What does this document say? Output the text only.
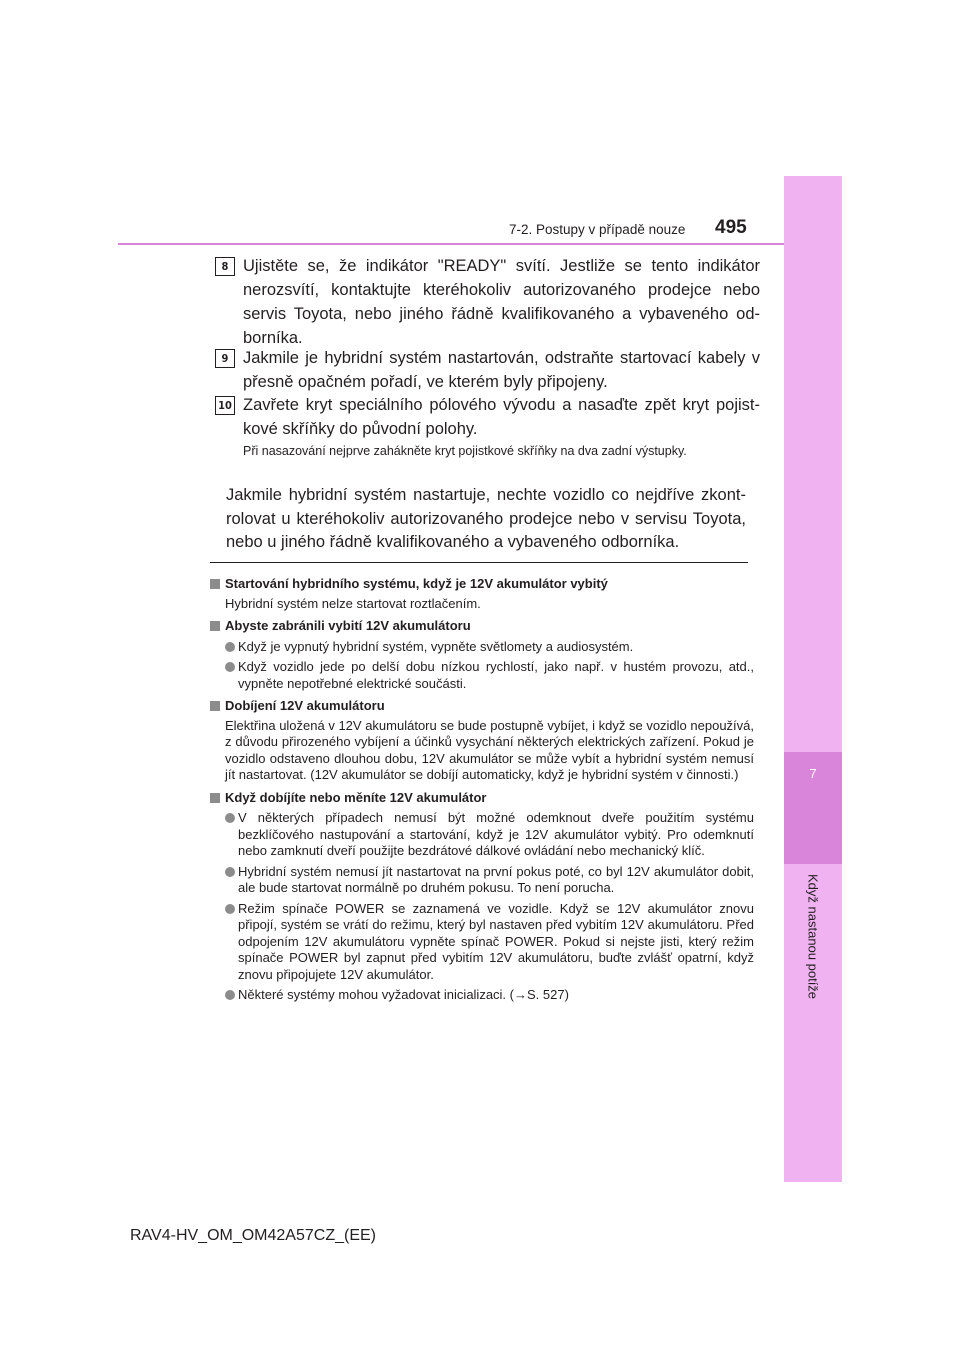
7
Když nastanou potíže
7-2. Postupy v případě nouze 495
8 Ujistěte se, že indikátor "READY" svítí. Jestliže se tento indikátor nerozsvítí, kontaktujte kteréhokoliv autorizovaného prodejce nebo servis Toyota, nebo jiného řádně kvalifikovaného a vybaveného odborníka.
9 Jakmile je hybridní systém nastartován, odstraňte startovací kabely v přesně opačném pořadí, ve kterém byly připojeny.
10 Zavřete kryt speciálního pólového vývodu a nasaďte zpět kryt pojistkové skříňky do původní polohy.
Při nasazování nejprve zahákněte kryt pojistkové skříňky na dva zadní výstupky.
Jakmile hybridní systém nastartuje, nechte vozidlo co nejdříve zkontrolovat u kteréhokoliv autorizovaného prodejce nebo v servisu Toyota, nebo u jiného řádně kvalifikovaného a vybaveného odborníka.
Startování hybridního systému, když je 12V akumulátor vybitý
Hybridní systém nelze startovat roztlačením.
Abyste zabránili vybití 12V akumulátoru
Když je vypnutý hybridní systém, vypněte světlomety a audiosystém.
Když vozidlo jede po delší dobu nízkou rychlostí, jako např. v hustém provozu, atd., vypněte nepotřebné elektrické součásti.
Dobíjení 12V akumulátoru
Elektřina uložená v 12V akumulátoru se bude postupně vybíjet, i když se vozidlo nepoužívá, z důvodu přirozeného vybíjení a účinků vysychání některých elektrických zařízení. Pokud je vozidlo odstaveno dlouhou dobu, 12V akumulátor se může vybít a hybridní systém nemusí jít nastartovat. (12V akumulátor se dobíjí automaticky, když je hybridní systém v činnosti.)
Když dobíjíte nebo měníte 12V akumulátor
V některých případech nemusí být možné odemknout dveře použitím systému bezklíčového nastupování a startování, když je 12V akumulátor vybitý. Pro odemknutí nebo zamknutí dveří použijte bezdrátové dálkové ovládání nebo mechanický klíč.
Hybridní systém nemusí jít nastartovat na první pokus poté, co byl 12V akumulátor dobit, ale bude startovat normálně po druhém pokusu. To není porucha.
Režim spínače POWER se zaznamená ve vozidle. Když se 12V akumulátor znovu připojí, systém se vrátí do režimu, který byl nastaven před vybitím 12V akumulátoru. Před odpojením 12V akumulátoru vypněte spínač POWER. Pokud si nejste jisti, který režim spínače POWER byl zapnut před vybitím 12V akumulátoru, buďte zvlášť opatrní, když znovu připojujete 12V akumulátor.
Některé systémy mohou vyžadovat inicializaci. (→S. 527)
RAV4-HV_OM_OM42A57CZ_(EE)
